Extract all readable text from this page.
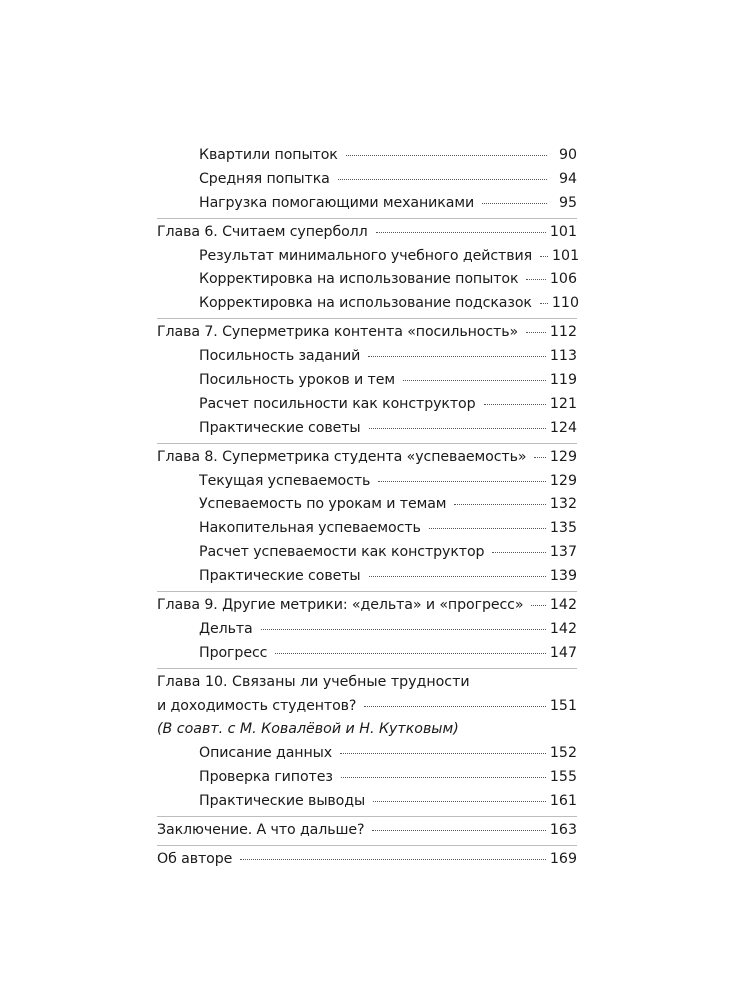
Квартили попыток	90
Средняя попытка	94
Нагрузка помогающими механиками	95
Глава 6. Считаем суперболл	101
Результат минимального учебного действия 101
Корректировка на использование попыток 106
Корректировка на использование подсказок 110
Глава 7. Суперметрика контента «посильность» 112
Посильность заданий	113
Посильность уроков и тем	119
Расчет посильности как конструктор	121
Практические советы	124
Глава 8. Суперметрика студента «успеваемость» 129
Текущая успеваемость	129
Успеваемость по урокам и темам	132
Накопительная успеваемость	135
Расчет успеваемости как конструктор	137
Практические советы	139
Глава 9. Другие метрики: «дельта» и «прогресс» 142
Дельта	142
Прогресс	147
Глава 10. Связаны ли учебные трудности
и доходимость студентов?	151
(В соавт. с М. Ковалёвой и Н. Кутковым)
Описание данных	152
Проверка гипотез	155
Практические выводы	161
Заключение. А что дальше?	163
Об авторе	169
